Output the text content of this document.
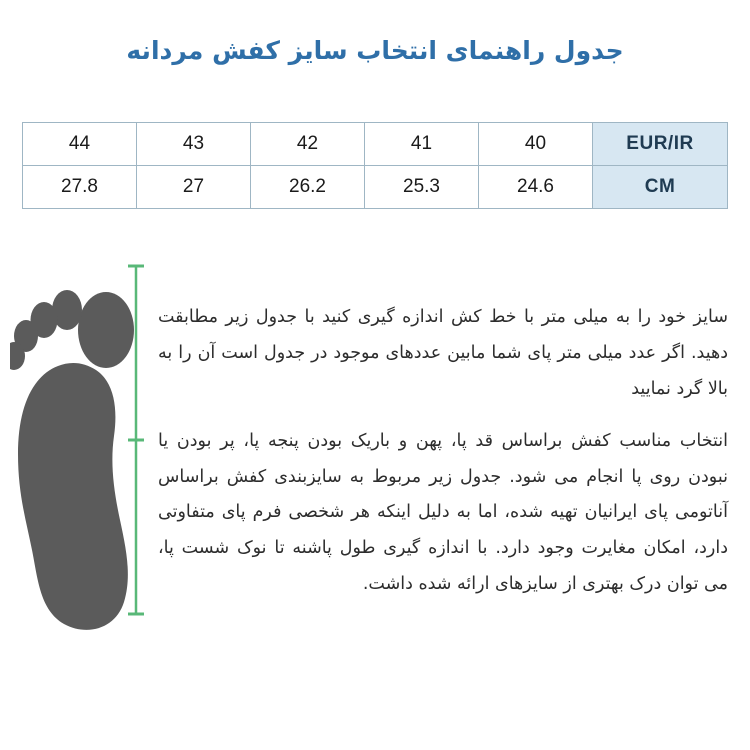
جدول راهنمای انتخاب سایز کفش مردانه
EUR/IR	40	41	42	43	44
CM	24.6	25.3	26.2	27	27.8

سایز خود را به میلی متر با خط کش اندازه گیری کنید با جدول زیر مطابقت دهید. اگر عدد میلی متر پای شما مابین عددهای موجود در جدول است آن را به بالا گرد نمایید

انتخاب مناسب کفش براساس قد پا، پهن و باریک بودن پنجه پا، پر بودن یا نبودن روی پا انجام می شود. جدول زیر مربوط به سایزبندی کفش براساس آناتومی پای ایرانیان تهیه شده، اما به دلیل اینکه هر شخصی فرم پای متفاوتی دارد، امکان مغایرت وجود دارد. با اندازه گیری طول پاشنه تا نوک شست پا، می توان درک بهتری از سایزهای ارائه شده داشت.
